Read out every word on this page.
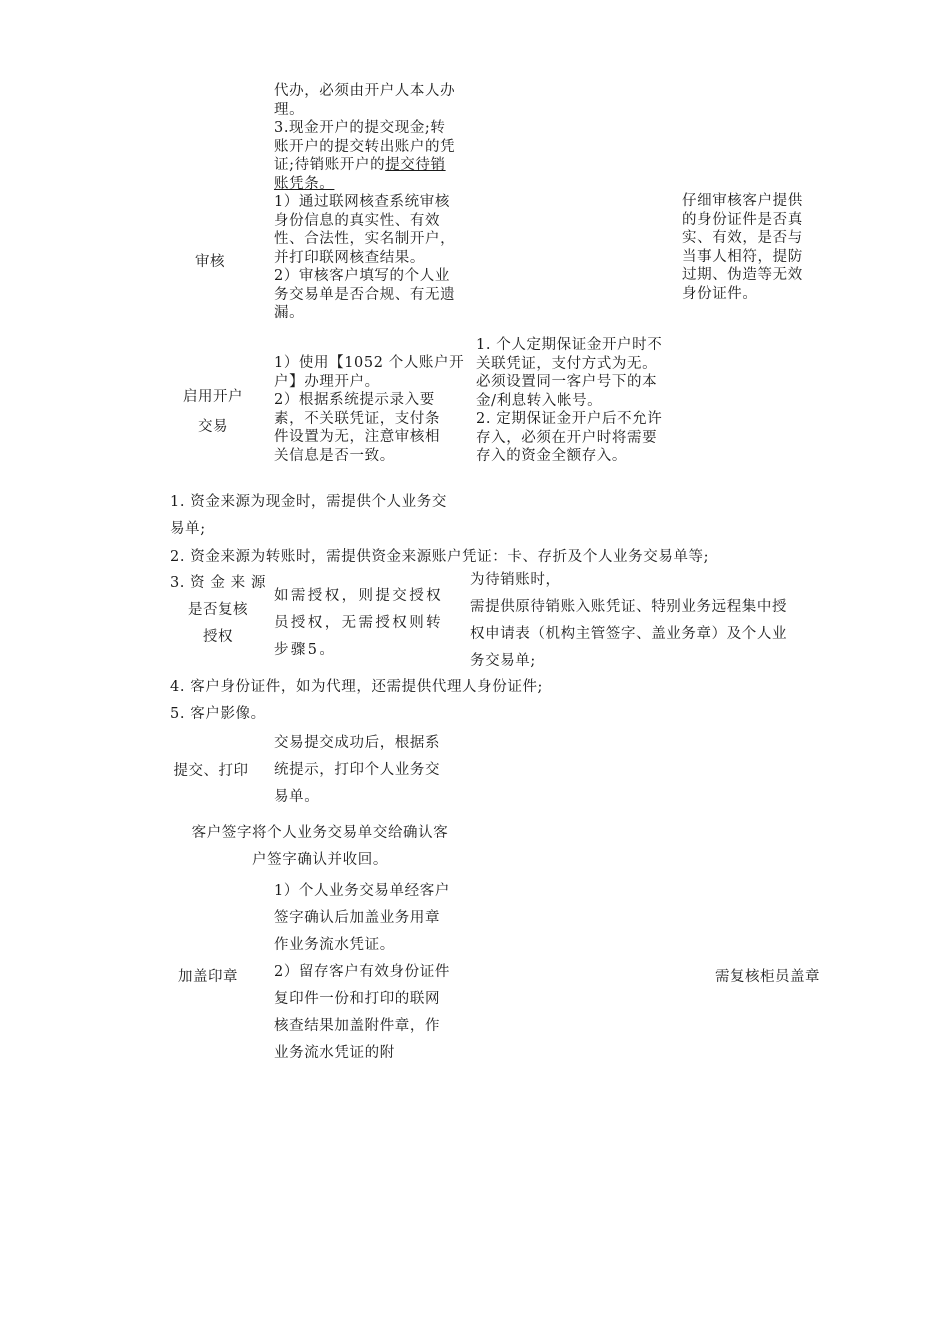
审核
代办，必须由开户人本人办
理。
3.现金开户的提交现金;转
账开户的提交转出账户的凭
证;待销账开户的提交待销
账凭条。
1）通过联网核查系统审核
身份信息的真实性、有效
性、合法性，实名制开户，
并打印联网核查结果。
2）审核客户填写的个人业
务交易单是否合规、有无遗
漏。
仔细审核客户提供
的身份证件是否真
实、有效，是否与
当事人相符，提防
过期、伪造等无效
身份证件。
启用开户
交易
1）使用【1052 个人账户开
户】办理开户。
2）根据系统提示录入要
素，不关联凭证，支付条
件设置为无，注意审核相
关信息是否一致。
1. 个人定期保证金开户时不
关联凭证，支付方式为无。
必须设置同一客户号下的本
金/利息转入帐号。
2. 定期保证金开户后不允许
存入，必须在开户时将需要
存入的资金全额存入。
1. 资金来源为现金时，需提供个人业务交
易单;
2. 资金来源为转账时，需提供资金来源账户凭证：卡、存折及个人业务交易单等;
3. 资 金 来 源
是否复核
授权
如需授权，则提交授权
员授权，无需授权则转
步骤5。
为待销账时，
需提供原待销账入账凭证、特别业务远程集中授
权申请表（机构主管签字、盖业务章）及个人业
务交易单;
4. 客户身份证件，如为代理，还需提供代理人身份证件;
5. 客户影像。
提交、打印
交易提交成功后，根据系
统提示，打印个人业务交
易单。
客户签字将个人业务交易单交给确认客
户签字确认并收回。
加盖印章
1）个人业务交易单经客户
签字确认后加盖业务用章
作业务流水凭证。
2）留存客户有效身份证件
复印件一份和打印的联网
核查结果加盖附件章，作
业务流水凭证的附
需复核柜员盖章
